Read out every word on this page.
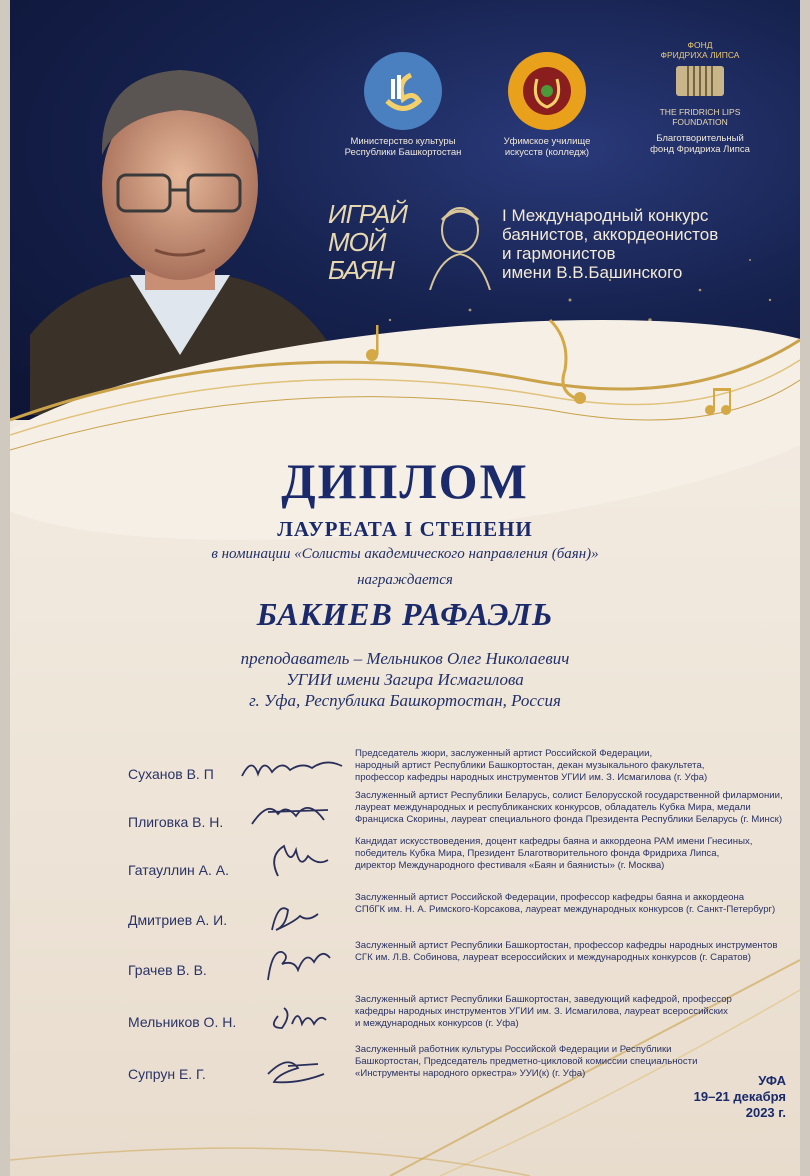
Министерство культуры
Республики Башкортостан
Уфимское училище
искусств (колледж)
ФОНД
ФРИДРИХА ЛИПСА
THE FRIDRICH LIPS
FOUNDATION
Благотворительный
фонд Фридриха Липса
ИГРАЙ
МОЙ
БАЯН
I Международный конкурс
баянистов, аккордеонистов
и гармонистов
имени В.В.Башинского
ДИПЛОМ
ЛАУРЕАТА I СТЕПЕНИ
в номинации «Солисты академического направления (баян)»
награждается
БАКИЕВ РАФАЭЛЬ
преподаватель – Мельников Олег Николаевич
УГИИ имени Загира Исмагилова
г. Уфа, Республика Башкортостан, Россия
Суханов В. П
Председатель жюри, заслуженный артист Российской Федерации,
народный артист Республики Башкортостан, декан музыкального факультета,
профессор кафедры народных инструментов УГИИ им. З. Исмагилова (г. Уфа)
Плиговка В. Н.
Заслуженный артист Республики Беларусь, солист Белорусской государственной филармонии,
лауреат международных и республиканских конкурсов, обладатель Кубка Мира, медали
Франциска Скорины, лауреат специального фонда Президента Республики Беларусь (г. Минск)
Гатауллин А. А.
Кандидат искусствоведения, доцент кафедры баяна и аккордеона РАМ имени Гнесиных,
победитель Кубка Мира, Президент Благотворительного фонда Фридриха Липса,
директор Международного фестиваля «Баян и баянисты» (г. Москва)
Дмитриев А. И.
Заслуженный артист Российской Федерации, профессор кафедры баяна и аккордеона
СПбГК им. Н. А. Римского-Корсакова, лауреат международных конкурсов (г. Санкт-Петербург)
Грачев В. В.
Заслуженный артист Республики Башкортостан, профессор кафедры народных инструментов
СГК им. Л.В. Собинова, лауреат всероссийских и международных конкурсов (г. Саратов)
Мельников О. Н.
Заслуженный артист Республики Башкортостан, заведующий кафедрой, профессор
кафедры народных инструментов УГИИ им. З. Исмагилова, лауреат всероссийских
и международных конкурсов (г. Уфа)
Супрун Е. Г.
Заслуженный работник культуры Российской Федерации и Республики
Башкортостан, Председатель предметно-цикловой комиссии специальности
«Инструменты народного оркестра» УУИ(к) (г. Уфа)	УФА
19–21 декабря
2023 г.
